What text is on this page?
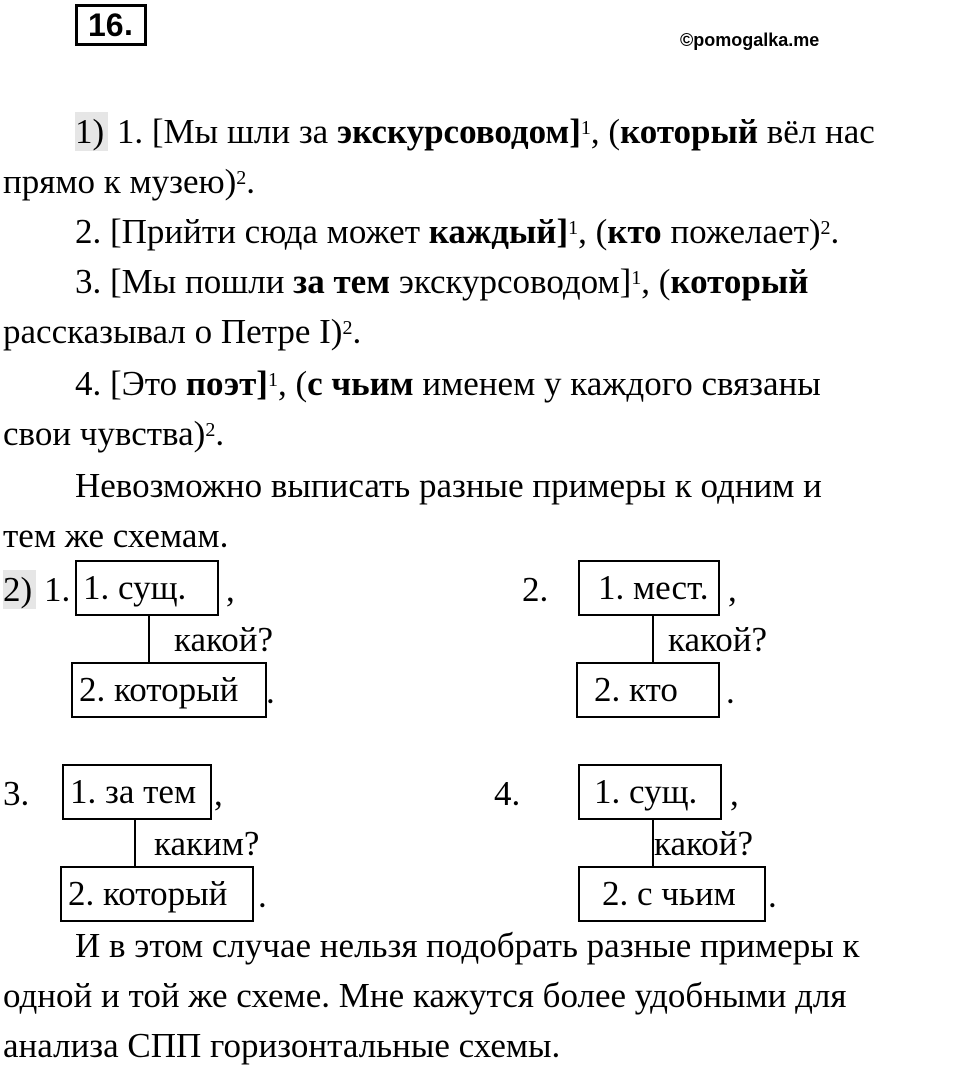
16 .	©pomogalka.me
1) 1. [Мы шли за экскурсоводом]$^1$, (который вёл нас
прямо к музею)$^2$.
2. [Прийти сюда может каждый]$^1$, (кто пожелает)$^2$.
3. [Мы пошли за тем экскурсоводом]$^1$, (который
рассказывал о Петре I)$^2$.
4. [Это поэт]$^1$, (с чьим именем у каждого связаны
свои чувства)$^2$.
Невозможно выписать разные примеры к одним и
тем же схемам.
2) 1. 1. сущ.	,
какой?
2. который .
2.	1. мест. ,
какой?
2. кто	.
3. 1. за тем ,
каким?
2. который .
4.	1. сущ. ,
какой?
2. с чьим .
И в этом случае нельзя подобрать разные примеры к
одной и той же схеме. Мне кажутся более удобными для
анализа СПП горизонтальные схемы.
